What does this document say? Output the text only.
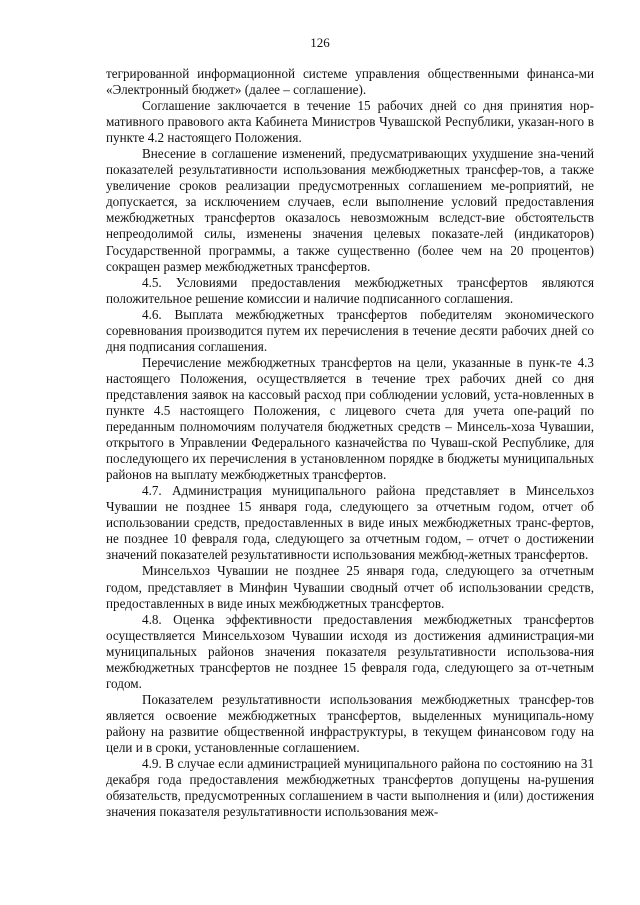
126

тегрированной информационной системе управления общественными финанса-ми «Электронный бюджет» (далее – соглашение).

Соглашение заключается в течение 15 рабочих дней со дня принятия нор-мативного правового акта Кабинета Министров Чувашской Республики, указан-ного в пункте 4.2 настоящего Положения.

Внесение в соглашение изменений, предусматривающих ухудшение зна-чений показателей результативности использования межбюджетных трансфер-тов, а также увеличение сроков реализации предусмотренных соглашением ме-роприятий, не допускается, за исключением случаев, если выполнение условий предоставления межбюджетных трансфертов оказалось невозможным вследст-вие обстоятельств непреодолимой силы, изменены значения целевых показате-лей (индикаторов) Государственной программы, а также существенно (более чем на 20 процентов) сокращен размер межбюджетных трансфертов.

4.5. Условиями предоставления межбюджетных трансфертов являются положительное решение комиссии и наличие подписанного соглашения.

4.6. Выплата межбюджетных трансфертов победителям экономического соревнования производится путем их перечисления в течение десяти рабочих дней со дня подписания соглашения.

Перечисление межбюджетных трансфертов на цели, указанные в пунк-те 4.3 настоящего Положения, осуществляется в течение трех рабочих дней со дня представления заявок на кассовый расход при соблюдении условий, уста-новленных в пункте 4.5 настоящего Положения, с лицевого счета для учета опе-раций по переданным полномочиям получателя бюджетных средств – Минсель-хоза Чувашии, открытого в Управлении Федерального казначейства по Чуваш-ской Республике, для последующего их перечисления в установленном порядке в бюджеты муниципальных районов на выплату межбюджетных трансфертов.

4.7. Администрация муниципального района представляет в Минсельхоз Чувашии не позднее 15 января года, следующего за отчетным годом, отчет об использовании средств, предоставленных в виде иных межбюджетных транс-фертов, не позднее 10 февраля года, следующего за отчетным годом, – отчет о достижении значений показателей результативности использования межбюд-жетных трансфертов.

Минсельхоз Чувашии не позднее 25 января года, следующего за отчетным годом, представляет в Минфин Чувашии сводный отчет об использовании средств, предоставленных в виде иных межбюджетных трансфертов.

4.8. Оценка эффективности предоставления межбюджетных трансфертов осуществляется Минсельхозом Чувашии исходя из достижения администрация-ми муниципальных районов значения показателя результативности использова-ния межбюджетных трансфертов не позднее 15 февраля года, следующего за от-четным годом.

Показателем результативности использования межбюджетных трансфер-тов является освоение межбюджетных трансфертов, выделенных муниципаль-ному району на развитие общественной инфраструктуры, в текущем финансовом году на цели и в сроки, установленные соглашением.

4.9. В случае если администрацией муниципального района по состоянию на 31 декабря года предоставления межбюджетных трансфертов допущены на-рушения обязательств, предусмотренных соглашением в части выполнения и (или) достижения значения показателя результативности использования меж-
